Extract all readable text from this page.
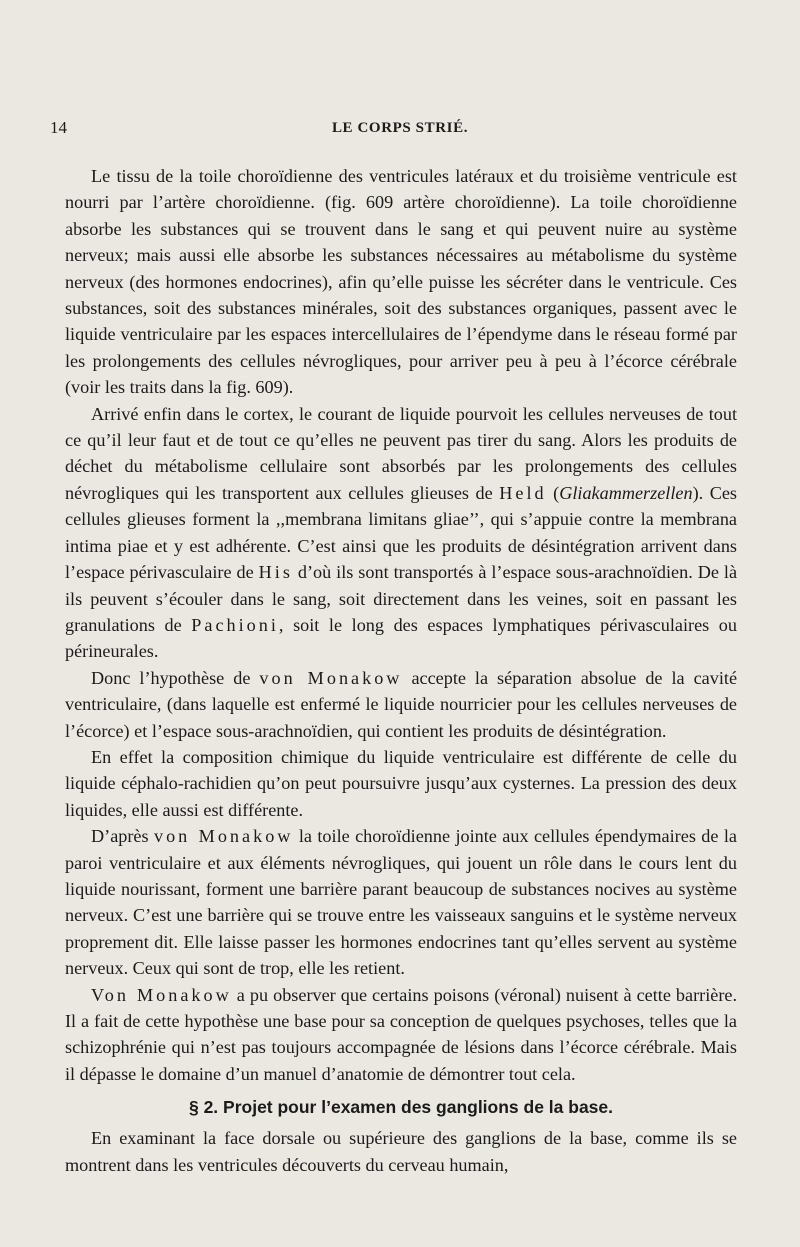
14	LE CORPS STRIÉ.

Le tissu de la toile choroïdienne des ventricules latéraux et du troisième ventricule est nourri par l’artère choroïdienne. (fig. 609 artère choroïdienne). La toile choroïdienne absorbe les substances qui se trouvent dans le sang et qui peuvent nuire au système nerveux; mais aussi elle absorbe les substances nécessaires au métabolisme du système nerveux (des hormones endocrines), afin qu’elle puisse les sécréter dans le ventricule. Ces substances, soit des substances minérales, soit des substances organiques, passent avec le liquide ventriculaire par les espaces intercellulaires de l’épendyme dans le réseau formé par les prolongements des cellules névrogliques, pour arriver peu à peu à l’écorce cérébrale (voir les traits dans la fig. 609).

Arrivé enfin dans le cortex, le courant de liquide pourvoit les cellules nerveuses de tout ce qu’il leur faut et de tout ce qu’elles ne peuvent pas tirer du sang. Alors les produits de déchet du métabolisme cellulaire sont absorbés par les prolongements des cellules névrogliques qui les transportent aux cellules glieuses de Held (Gliakammerzellen). Ces cellules glieuses forment la ,,membrana limitans gliae’’, qui s’appuie contre la membrana intima piae et y est adhérente. C’est ainsi que les produits de désintégration arrivent dans l’espace périvasculaire de His d’où ils sont transportés à l’espace sous-arachnoïdien. De là ils peuvent s’écouler dans le sang, soit directement dans les veines, soit en passant les granulations de Pachioni, soit le long des espaces lymphatiques périvasculaires ou périneurales.

Donc l’hypothèse de von Monakow accepte la séparation absolue de la cavité ventriculaire, (dans laquelle est enfermé le liquide nourricier pour les cellules nerveuses de l’écorce) et l’espace sous-arachnoïdien, qui contient les produits de désintégration.

En effet la composition chimique du liquide ventriculaire est différente de celle du liquide céphalo-rachidien qu’on peut poursuivre jusqu’aux cysternes. La pression des deux liquides, elle aussi est différente.

D’après von Monakow la toile choroïdienne jointe aux cellules épendymaires de la paroi ventriculaire et aux éléments névrogliques, qui jouent un rôle dans le cours lent du liquide nourissant, forment une barrière parant beaucoup de substances nocives au système nerveux. C’est une barrière qui se trouve entre les vaisseaux sanguins et le système nerveux proprement dit. Elle laisse passer les hormones endocrines tant qu’elles servent au système nerveux. Ceux qui sont de trop, elle les retient.

Von Monakow a pu observer que certains poisons (véronal) nuisent à cette barrière. Il a fait de cette hypothèse une base pour sa conception de quelques psychoses, telles que la schizophrénie qui n’est pas toujours accompagnée de lésions dans l’écorce cérébrale. Mais il dépasse le domaine d’un manuel d’anatomie de démontrer tout cela.

§ 2. Projet pour l’examen des ganglions de la base.

En examinant la face dorsale ou supérieure des ganglions de la base, comme ils se montrent dans les ventricules découverts du cerveau humain,
